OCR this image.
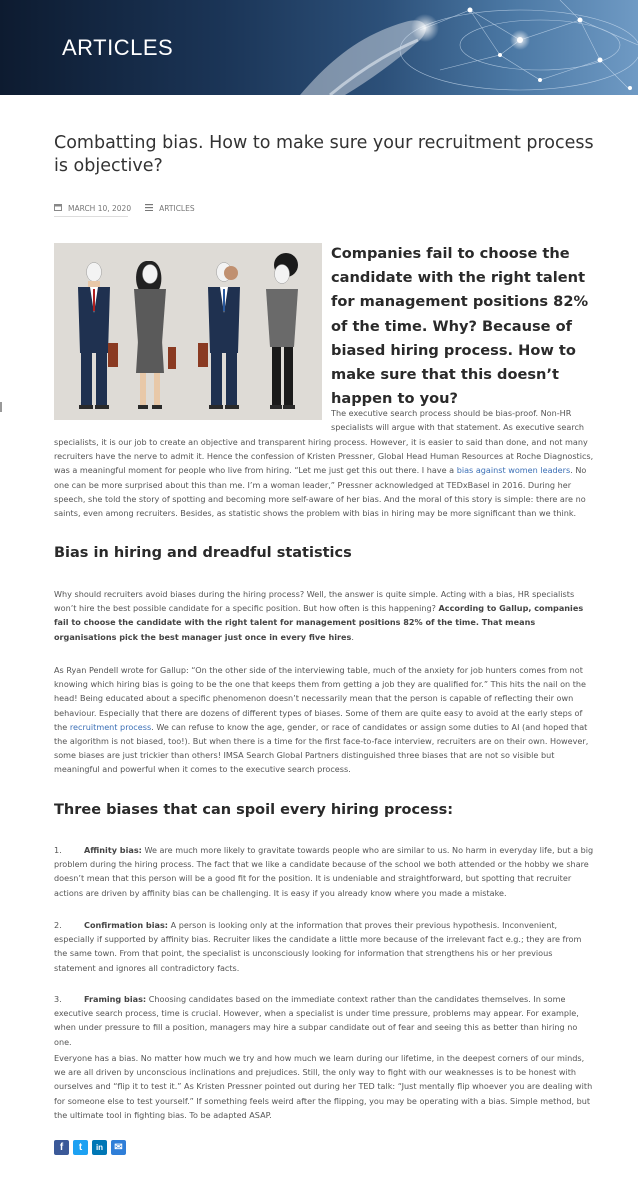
ARTICLES
Combatting bias. How to make sure your recruitment process is objective?
MARCH 10, 2020	ARTICLES
Companies fail to choose the candidate with the right talent for management positions 82% of the time. Why? Because of biased hiring process. How to make sure that this doesn’t happen to you?
The executive search process should be bias-proof. Non-HR specialists will argue with that statement. As executive search
specialists, it is our job to create an objective and transparent hiring process. However, it is easier to said than done, and not many recruiters have the nerve to admit it. Hence the confession of Kristen Pressner, Global Head Human Resources at Roche Diagnostics, was a meaningful moment for people who live from hiring. “Let me just get this out there. I have a bias against women leaders. No one can be more surprised about this than me. I’m a woman leader,” Pressner acknowledged at TEDxBasel in 2016. During her speech, she told the story of spotting and becoming more self-aware of her bias. And the moral of this story is simple: there are no saints, even among recruiters. Besides, as statistic shows the problem with bias in hiring may be more significant than we think.
Bias in hiring and dreadful statistics
Why should recruiters avoid biases during the hiring process? Well, the answer is quite simple. Acting with a bias, HR specialists won’t hire the best possible candidate for a specific position. But how often is this happening? According to Gallup, companies fail to choose the candidate with the right talent for management positions 82% of the time. That means organisations pick the best manager just once in every five hires.
As Ryan Pendell wrote for Gallup: “On the other side of the interviewing table, much of the anxiety for job hunters comes from not knowing which hiring bias is going to be the one that keeps them from getting a job they are qualified for.” This hits the nail on the head! Being educated about a specific phenomenon doesn’t necessarily mean that the person is capable of reflecting their own behaviour. Especially that there are dozens of different types of biases. Some of them are quite easy to avoid at the early steps of the recruitment process. We can refuse to know the age, gender, or race of candidates or assign some duties to AI (and hoped that the algorithm is not biased, too!). But when there is a time for the first face-to-face interview, recruiters are on their own. However, some biases are just trickier than others! IMSA Search Global Partners distinguished three biases that are not so visible but meaningful and powerful when it comes to the executive search process.
Three biases that can spoil every hiring process:
1.	Affinity bias: We are much more likely to gravitate towards people who are similar to us. No harm in everyday life, but a big problem during the hiring process. The fact that we like a candidate because of the school we both attended or the hobby we share doesn’t mean that this person will be a good fit for the position. It is undeniable and straightforward, but spotting that recruiter actions are driven by affinity bias can be challenging. It is easy if you already know where you made a mistake.
2.	Confirmation bias: A person is looking only at the information that proves their previous hypothesis. Inconvenient, especially if supported by affinity bias. Recruiter likes the candidate a little more because of the irrelevant fact e.g.; they are from the same town. From that point, the specialist is unconsciously looking for information that strengthens his or her previous statement and ignores all contradictory facts.
3.	Framing bias: Choosing candidates based on the immediate context rather than the candidates themselves. In some executive search process, time is crucial. However, when a specialist is under time pressure, problems may appear. For example, when under pressure to fill a position, managers may hire a subpar candidate out of fear and seeing this as better than hiring no one.
Everyone has a bias. No matter how much we try and how much we learn during our lifetime, in the deepest corners of our minds, we are all driven by unconscious inclinations and prejudices. Still, the only way to fight with our weaknesses is to be honest with ourselves and “flip it to test it.” As Kristen Pressner pointed out during her TED talk: “Just mentally flip whoever you are dealing with for someone else to test yourself.” If something feels weird after the flipping, you may be operating with a bias. Simple method, but the ultimate tool in fighting bias. To be adapted ASAP.
f t in ✉
